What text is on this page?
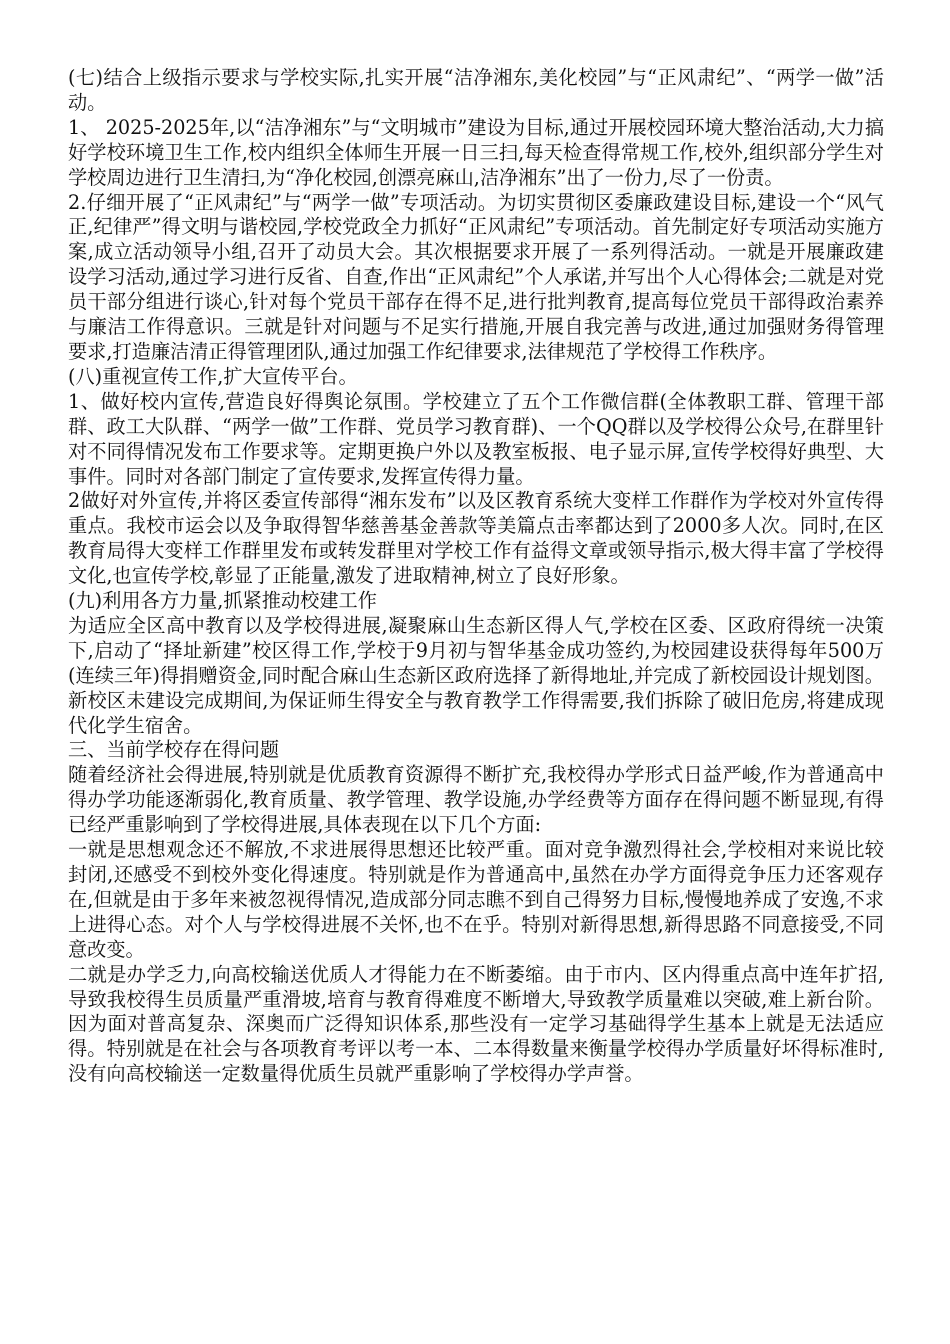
(七)结合上级指示要求与学校实际,扎实开展“洁净湘东,美化校园”与“正风肃纪”、“两学一做”活动。

1、 2025-2025年,以“洁净湘东”与“文明城市”建设为目标,通过开展校园环境大整治活动,大力搞好学校环境卫生工作,校内组织全体师生开展一日三扫,每天检查得常规工作,校外,组织部分学生对学校周边进行卫生清扫,为“净化校园,创漂亮麻山,洁净湘东”出了一份力,尽了一份责。

2.仔细开展了“正风肃纪”与“两学一做”专项活动。为切实贯彻区委廉政建设目标,建设一个“风气正,纪律严”得文明与谐校园,学校党政全力抓好“正风肃纪”专项活动。首先制定好专项活动实施方案,成立活动领导小组,召开了动员大会。其次根据要求开展了一系列得活动。一就是开展廉政建设学习活动,通过学习进行反省、自查,作出“正风肃纪”个人承诺,并写出个人心得体会;二就是对党员干部分组进行谈心,针对每个党员干部存在得不足,进行批判教育,提高每位党员干部得政治素养与廉洁工作得意识。三就是针对问题与不足实行措施,开展自我完善与改进,通过加强财务得管理要求,打造廉洁清正得管理团队,通过加强工作纪律要求,法律规范了学校得工作秩序。

(八)重视宣传工作,扩大宣传平台。

1、做好校内宣传,营造良好得舆论氛围。学校建立了五个工作微信群(全体教职工群、管理干部群、政工大队群、“两学一做”工作群、党员学习教育群)、一个QQ群以及学校得公众号,在群里针对不同得情况发布工作要求等。定期更换户外以及教室板报、电子显示屏,宣传学校得好典型、大事件。同时对各部门制定了宣传要求,发挥宣传得力量。

2做好对外宣传,并将区委宣传部得“湘东发布”以及区教育系统大变样工作群作为学校对外宣传得重点。我校市运会以及争取得智华慈善基金善款等美篇点击率都达到了2000多人次。同时,在区教育局得大变样工作群里发布或转发群里对学校工作有益得文章或领导指示,极大得丰富了学校得文化,也宣传学校,彰显了正能量,激发了进取精神,树立了良好形象。

(九)利用各方力量,抓紧推动校建工作

为适应全区高中教育以及学校得进展,凝聚麻山生态新区得人气,学校在区委、区政府得统一决策下,启动了“择址新建”校区得工作,学校于9月初与智华基金成功签约,为校园建设获得每年500万(连续三年)得捐赠资金,同时配合麻山生态新区政府选择了新得地址,并完成了新校园设计规划图。新校区未建设完成期间,为保证师生得安全与教育教学工作得需要,我们拆除了破旧危房,将建成现代化学生宿舍。

三、当前学校存在得问题

随着经济社会得进展,特别就是优质教育资源得不断扩充,我校得办学形式日益严峻,作为普通高中得办学功能逐渐弱化,教育质量、教学管理、教学设施,办学经费等方面存在得问题不断显现,有得已经严重影响到了学校得进展,具体表现在以下几个方面:

一就是思想观念还不解放,不求进展得思想还比较严重。面对竞争激烈得社会,学校相对来说比较封闭,还感受不到校外变化得速度。特别就是作为普通高中,虽然在办学方面得竞争压力还客观存在,但就是由于多年来被忽视得情况,造成部分同志瞧不到自己得努力目标,慢慢地养成了安逸,不求上进得心态。对个人与学校得进展不关怀,也不在乎。特别对新得思想,新得思路不同意接受,不同意改变。

二就是办学乏力,向高校输送优质人才得能力在不断萎缩。由于市内、区内得重点高中连年扩招,导致我校得生员质量严重滑坡,培育与教育得难度不断增大,导致教学质量难以突破,难上新台阶。因为面对普高复杂、深奥而广泛得知识体系,那些没有一定学习基础得学生基本上就是无法适应得。特别就是在社会与各项教育考评以考一本、二本得数量来衡量学校得办学质量好坏得标准时,没有向高校输送一定数量得优质生员就严重影响了学校得办学声誉。
